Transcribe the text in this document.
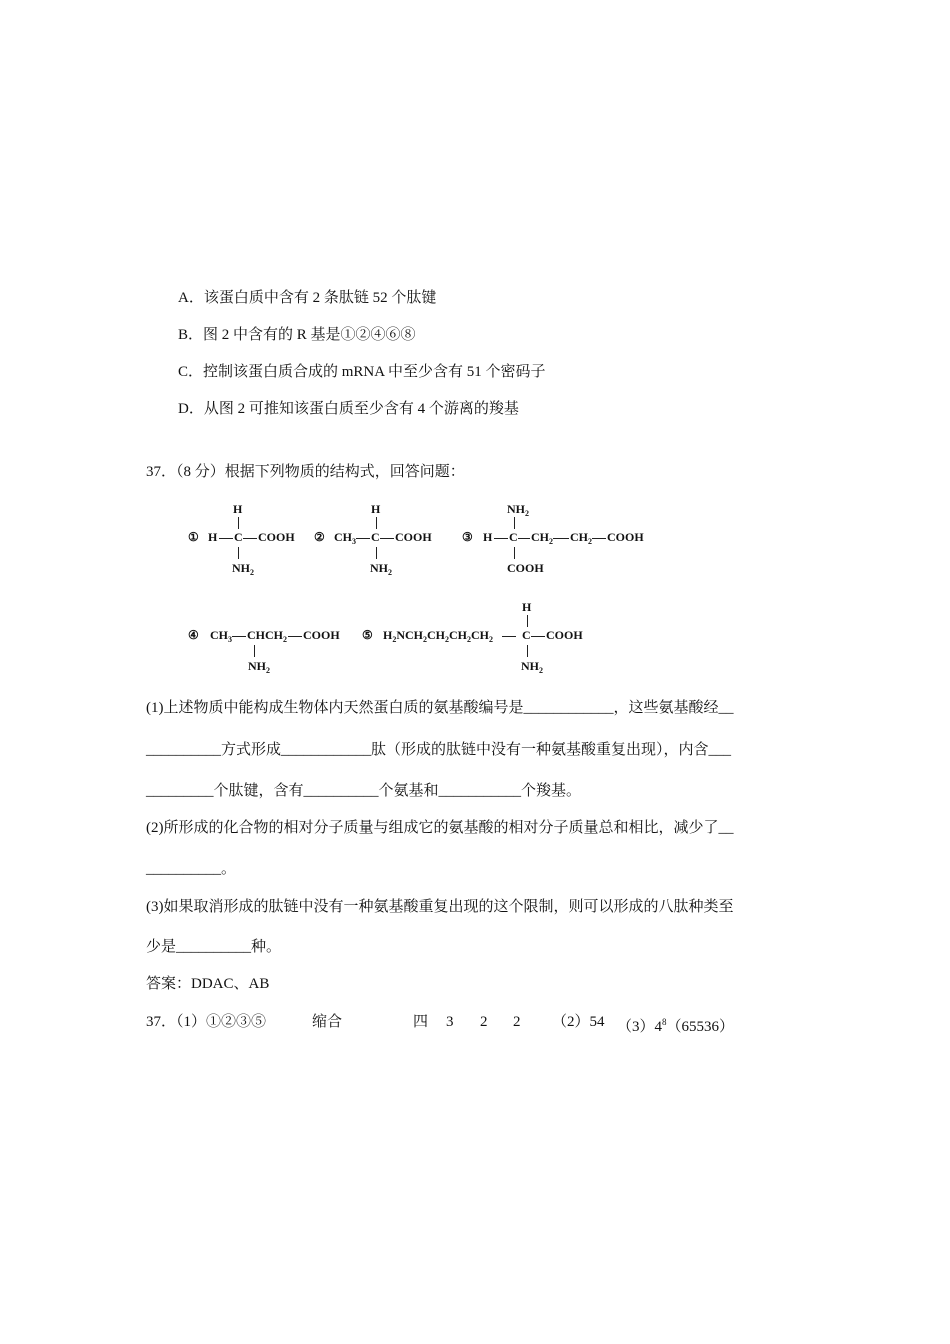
A．该蛋白质中含有 2 条肽链 52 个肽键
B．图 2 中含有的 R 基是①②④⑥⑧
C．控制该蛋白质合成的 mRNA 中至少含有 51 个密码子
D．从图 2 可推知该蛋白质至少含有 4 个游离的羧基
37．（8 分）根据下列物质的结构式，回答问题：
① H C COOH
H
$NH_2$
② $CH_3$ C COOH
H
$NH_2$
③ H C $CH_2$ $CH_2$ COOH
$NH_2$
COOH
④ $CH_3$ $CHCH_2$ COOH
$NH_2$
⑤ $H_2NCH_2CH_2CH_2CH_2$ C COOH
H
$NH_2$
(1)上述物质中能构成生物体内天然蛋白质的氨基酸编号是____________，这些氨基酸经__
__________方式形成____________肽（形成的肽链中没有一种氨基酸重复出现），内含___
_________个肽键，含有__________个氨基和___________个羧基。
(2)所形成的化合物的相对分子质量与组成它的氨基酸的相对分子质量总和相比，减少了__
__________。
(3)如果取消形成的肽链中没有一种氨基酸重复出现的这个限制，则可以形成的八肽种类至
少是__________种。
答案：DDAC、AB
37．（1）①②③⑤	缩合	四 3 2 2 （2）54 $(3)4^8(65536)$
